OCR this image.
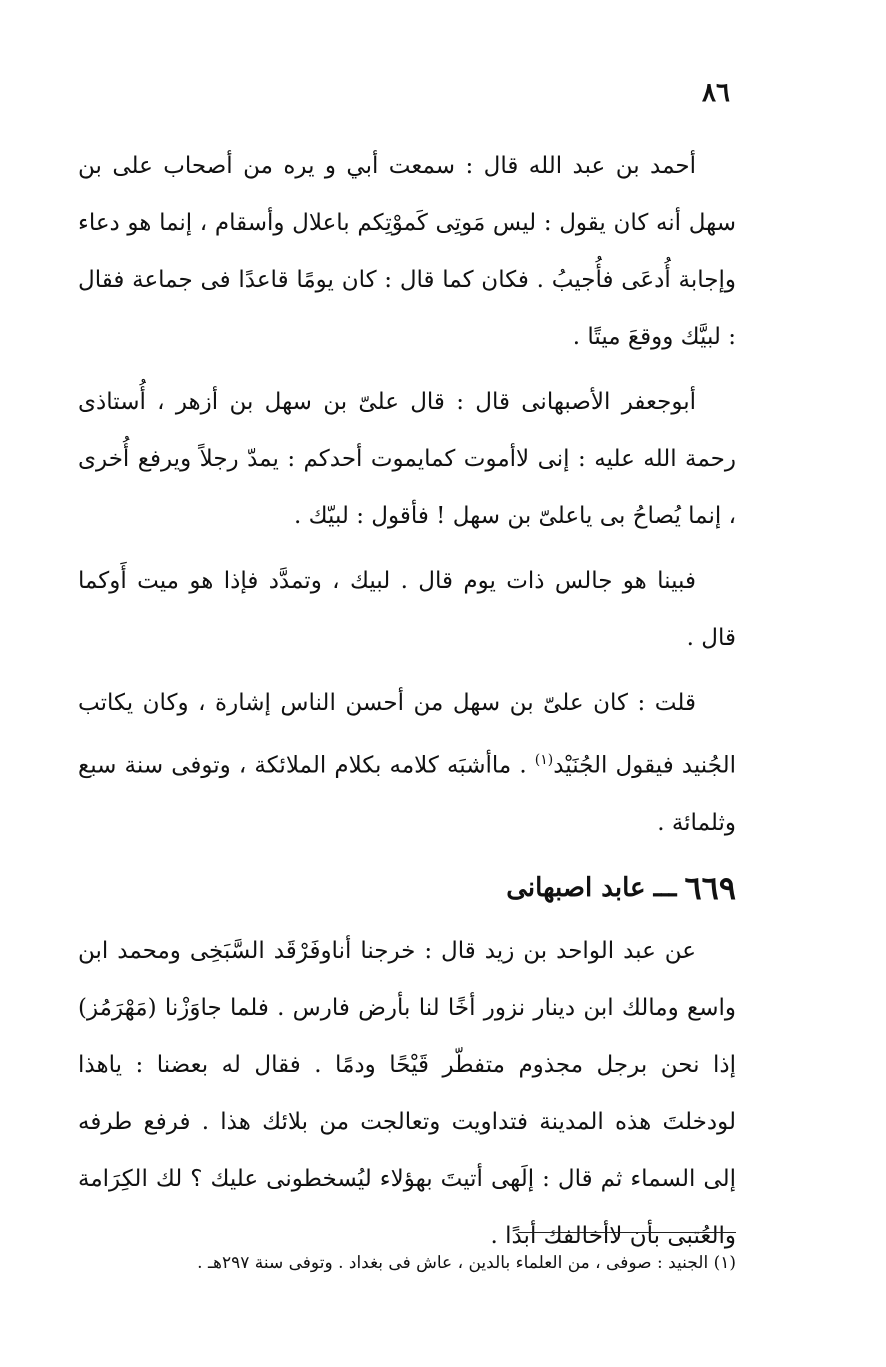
٨٦

أحمد بن عبد الله قال : سمعت أبي و يره من أصحاب على بن سهل أنه كان يقول : ليس مَوتِى كَموْتِكم باعلال وأسقام ، إنما هو دعاء وإجابة أُدعَى فأُجيبُ . فكان كما قال : كان يومًا قاعدًا فى جماعة فقال : لبيَّك ووقعَ ميتًا .

أبوجعفر الأصبهانى قال : قال علىّ بن سهل بن أزهر ، أُستاذى رحمة الله عليه : إنى لاأموت كمايموت أحدكم : يمدّ رجلاً ويرفع أُخرى ، إنما يُصاحُ بى ياعلىّ بن سهل ! فأقول : لبيّك .

فبينا هو جالس ذات يوم قال . لبيك ، وتمدَّد فإذا هو ميت أَوكما قال .

قلت : كان علىّ بن سهل من أحسن الناس إشارة ، وكان يكاتب الجُنيد فيقول الجُنَيْد$^{(١)}$ . ماأشبَه كلامه بكلام الملائكة ، وتوفى سنة سبع وثلمائة .

٦٦٩
ـــ
عابد اصبهانى

عن عبد الواحد بن زيد قال : خرجنا أناوفَرْقَد السَّبَخِى ومحمد ابن واسع ومالك ابن دينار نزور أخًا لنا بأرض فارس . فلما جاوَزْنا (مَهْرَمُز) إذا نحن برجل مجذوم متفطّر قَيْحًا ودمًا . فقال له بعضنا : ياهذا لودخلتَ هذه المدينة فتداويت وتعالجت من بلائك هذا . فرفع طرفه إلى السماء ثم قال : إلَهى أتيتَ بهؤلاء ليُسخطونى عليك ؟ لك الكِرَامة والعُتبى بأن لاأخالفك أبدًا .

(١) الجنيد : صوفى ، من العلماء بالدين ، عاش فى بغداد . وتوفى سنة ٢٩٧هـ .
